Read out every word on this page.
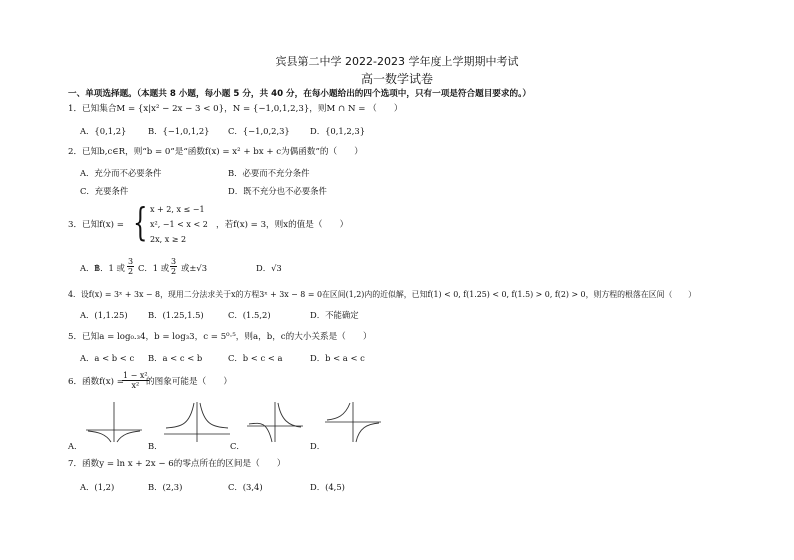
宾县第二中学 2022-2023 学年度上学期期中考试
高一数学试卷
一、单项选择题。（本题共 8 小题，每小题 5 分，共 40 分，在每小题给出的四个选项中，只有一项是符合题目要求的。）
1．已知集合M = {x|x² − 2x − 3 < 0}，N = {−1,0,1,2,3}，则M ∩ N = （　　）
A．{0,1,2}	B．{−1,0,1,2} C．{−1,0,2,3} D．{0,1,2,3}
2．已知b,c∈R，则“b = 0”是“函数f(x) = x² + bx + c为偶函数”的（　　）
A．充分而不必要条件	B．必要而不充分条件
C．充要条件	D．既不充分也不必要条件
3．已知f(x) = { x + 2, x ≤ −1
x², −1 < x < 2
2x, x ≥ 2
，若f(x) = 3，则x的值是（　　）
A．1
B．1 或 $\frac{3}{2}$ C．1 或 $\frac{3}{2}$ 或±√3	D．√3
4．设f(x) = 3ˣ + 3x − 8，现用二分法求关于x的方程3ˣ + 3x − 8 = 0在区间(1,2)内的近似解，已知f(1) < 0, f(1.25) < 0, f(1.5) > 0, f(2) > 0，则方程的根落在区间（　　）
A．(1,1.25) B．(1.25,1.5)	C．(1.5,2)	D．不能确定
5．已知a = log₀.₃4，b = log₃3，c = 5⁰·⁵，则a，b，c的大小关系是（　　）
A．a < b < c B．a < c < b	C．b < c < a	D．b < a < c
6．函数f(x) =
$\frac{\text{1 − x²}}{\text{x²}}$
的图象可能是（　　）
A．	B．	C．	D．
7．函数y = ln x + 2x − 6的零点所在的区间是（　　）
A．(1,2)	B．(2,3)	C．(3,4)	D．(4,5)
